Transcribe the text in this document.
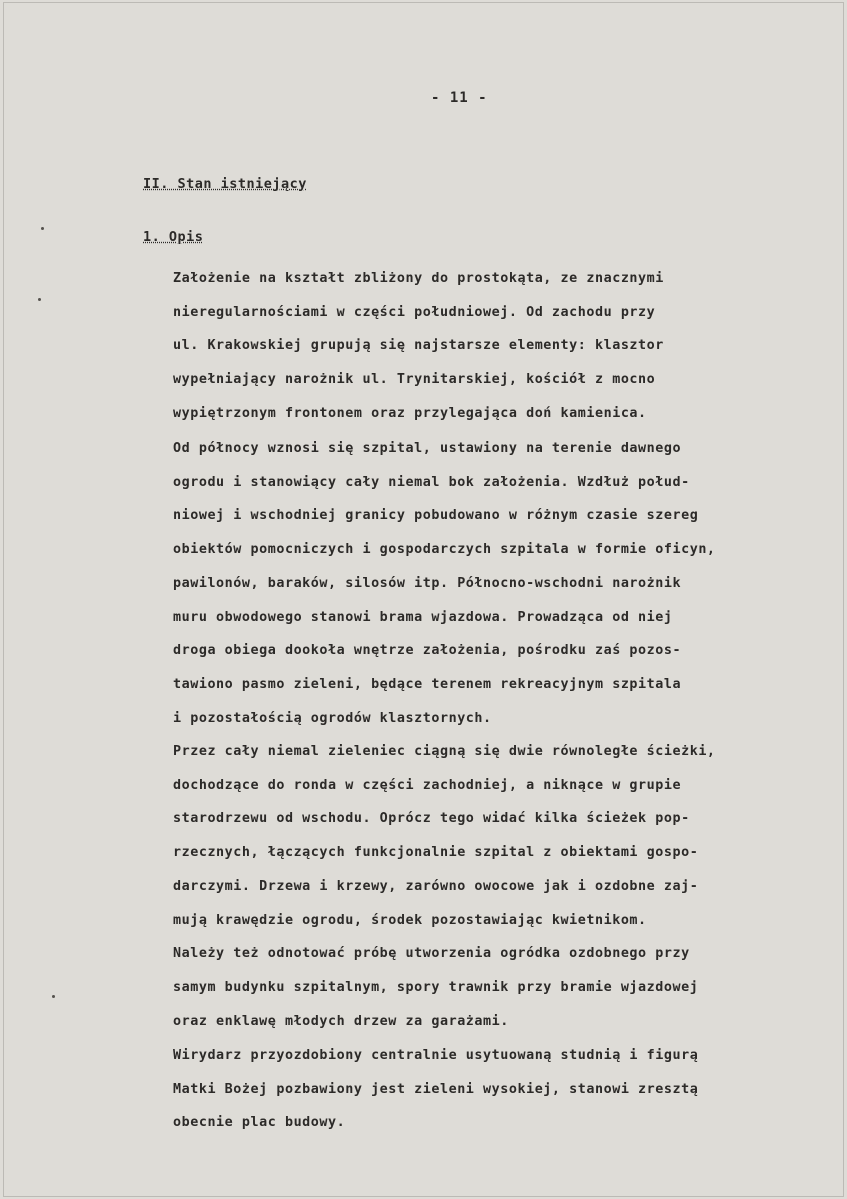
- 11 -
II. Stan istniejący
1. Opis
Założenie na kształt zbliżony do prostokąta, ze znacznymi
nieregularnościami w części południowej. Od zachodu przy
ul. Krakowskiej grupują się najstarsze elementy: klasztor
wypełniający narożnik ul. Trynitarskiej, kościół z mocno
wypiętrzonym frontonem oraz przylegająca doń kamienica.
Od północy wznosi się szpital, ustawiony na terenie dawnego
ogrodu i stanowiący cały niemal bok założenia. Wzdłuż połud-
niowej i wschodniej granicy pobudowano w różnym czasie szereg
obiektów pomocniczych i gospodarczych szpitala w formie oficyn,
pawilonów, baraków, silosów itp. Północno-wschodni narożnik
muru obwodowego stanowi brama wjazdowa. Prowadząca od niej
droga obiega dookoła wnętrze założenia, pośrodku zaś pozos-
tawiono pasmo zieleni, będące terenem rekreacyjnym szpitala
i pozostałością ogrodów klasztornych.
Przez cały niemal zieleniec ciągną się dwie równoległe ścieżki,
dochodzące do ronda w części zachodniej, a niknące w grupie
starodrzewu od wschodu. Oprócz tego widać kilka ścieżek pop-
rzecznych, łączących funkcjonalnie szpital z obiektami gospo-
darczymi. Drzewa i krzewy, zarówno owocowe jak i ozdobne zaj-
mują krawędzie ogrodu, środek pozostawiając kwietnikom.
Należy też odnotować próbę utworzenia ogródka ozdobnego przy
samym budynku szpitalnym, spory trawnik przy bramie wjazdowej
oraz enklawę młodych drzew za garażami.
Wirydarz przyozdobiony centralnie usytuowaną studnią i figurą
Matki Bożej pozbawiony jest zieleni wysokiej, stanowi zresztą
obecnie plac budowy.
